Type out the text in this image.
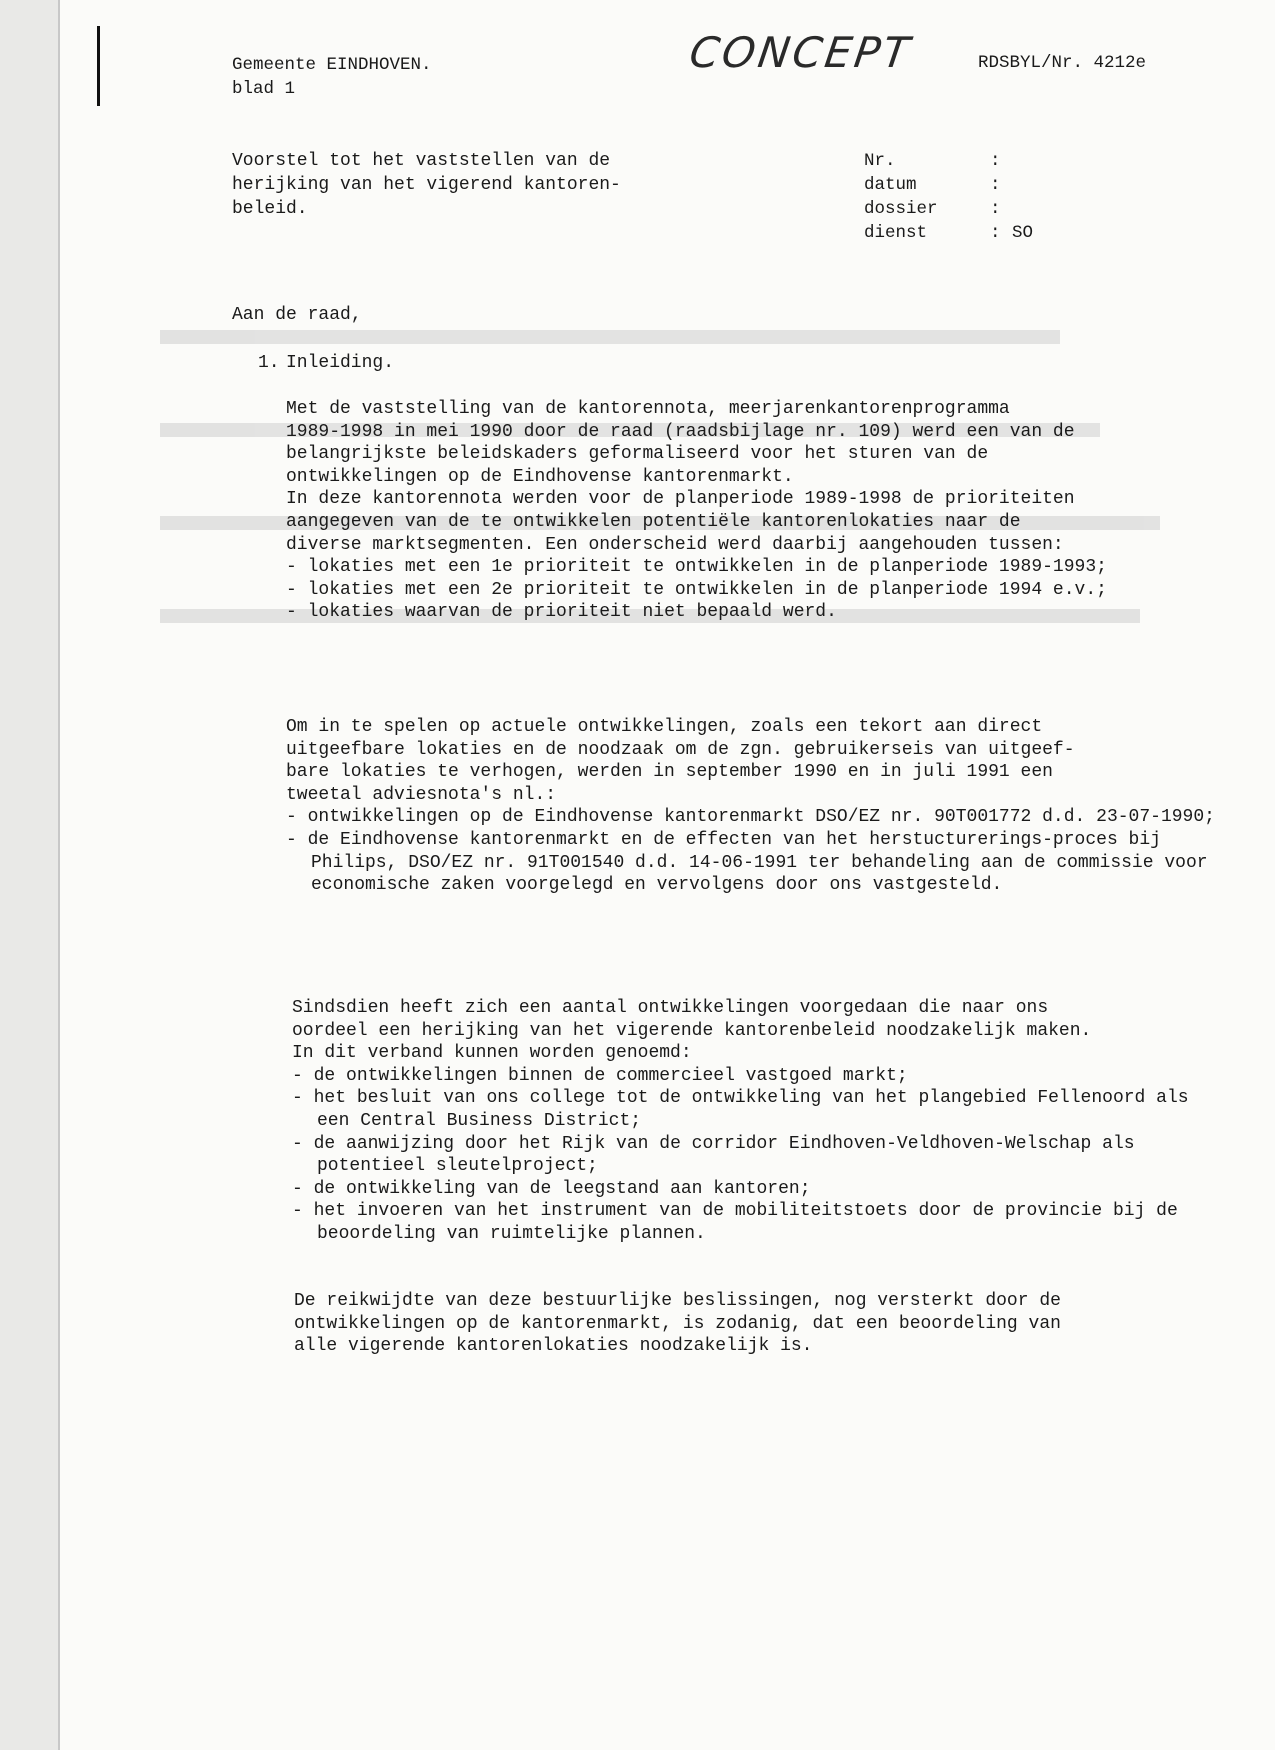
Gemeente EINDHOVEN.
blad 1
CONCEPT	RDSBYL/Nr. 4212e
Voorstel tot het vaststellen van de
herijking van het vigerend kantoren-
beleid.
Nr.	:
datum	:
dossier	:
dienst	: SO
Aan de raad,
1. Inleiding.

Met de vaststelling van de kantorennota, meerjarenkantorenprogramma
1989-1998 in mei 1990 door de raad (raadsbijlage nr. 109) werd een van de
belangrijkste beleidskaders geformaliseerd voor het sturen van de
ontwikkelingen op de Eindhovense kantorenmarkt.
In deze kantorennota werden voor de planperiode 1989-1998 de prioriteiten
aangegeven van de te ontwikkelen potentiële kantorenlokaties naar de
diverse marktsegmenten. Een onderscheid werd daarbij aangehouden tussen:

- lokaties met een 1e prioriteit te ontwikkelen in de planperiode 1989-1993;
- lokaties met een 2e prioriteit te ontwikkelen in de planperiode 1994 e.v.;
- lokaties waarvan de prioriteit niet bepaald werd.

Om in te spelen op actuele ontwikkelingen, zoals een tekort aan direct
uitgeefbare lokaties en de noodzaak om de zgn. gebruikerseis van uitgeef-
bare lokaties te verhogen, werden in september 1990 en in juli 1991 een
tweetal adviesnota's nl.:

- ontwikkelingen op de Eindhovense kantorenmarkt DSO/EZ nr. 90T001772 d.d. 23-07-1990;
- de Eindhovense kantorenmarkt en de effecten van het herstucturerings-proces bij Philips, DSO/EZ nr. 91T001540 d.d. 14-06-1991 ter behandeling aan de commissie voor economische zaken voorgelegd en vervolgens door ons vastgesteld.

Sindsdien heeft zich een aantal ontwikkelingen voorgedaan die naar ons
oordeel een herijking van het vigerende kantorenbeleid noodzakelijk maken.
In dit verband kunnen worden genoemd:

- de ontwikkelingen binnen de commercieel vastgoed markt;
- het besluit van ons college tot de ontwikkeling van het plangebied Fellenoord als een Central Business District;
- de aanwijzing door het Rijk van de corridor Eindhoven-Veldhoven-Welschap als potentieel sleutelproject;
- de ontwikkeling van de leegstand aan kantoren;
- het invoeren van het instrument van de mobiliteitstoets door de provincie bij de beoordeling van ruimtelijke plannen.

De reikwijdte van deze bestuurlijke beslissingen, nog versterkt door de
ontwikkelingen op de kantorenmarkt, is zodanig, dat een beoordeling van
alle vigerende kantorenlokaties noodzakelijk is.
